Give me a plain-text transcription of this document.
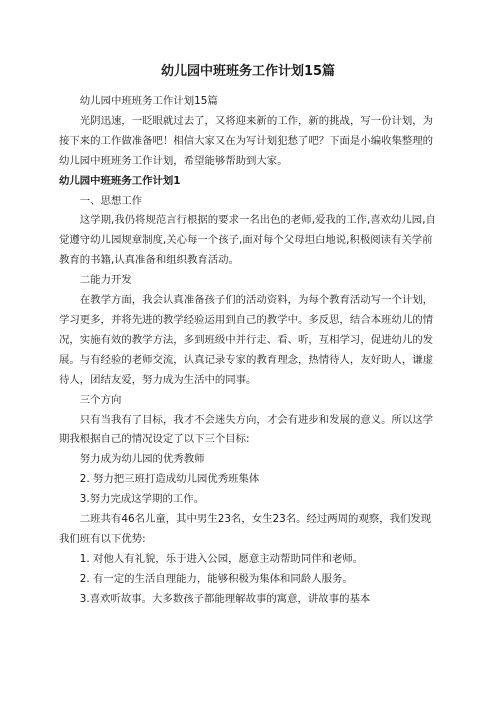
幼儿园中班班务工作计划15篇

幼儿园中班班务工作计划15篇

光阴迅速，一眨眼就过去了，又将迎来新的工作，新的挑战，写一份计划，为接下来的工作做准备吧！相信大家又在为写计划犯愁了吧？下面是小编收集整理的幼儿园中班班务工作计划，希望能够帮助到大家。

幼儿园中班班务工作计划1

一、思想工作

这学期,我仍将规范言行根据的要求一名出色的老师,爱我的工作,喜欢幼儿园,自觉遵守幼儿园规章制度,关心每一个孩子,面对每个父母坦白地说,积极阅读有关学前教育的书籍,认真准备和组织教育活动。

二能力开发

在教学方面，我会认真准备孩子们的活动资料，为每个教育活动写一个计划，学习更多，并将先进的教学经验运用到自己的教学中。多反思，结合本班幼儿的情况，实施有效的教学方法，多到班级中并行走、看、听，互相学习，促进幼儿的发展。与有经验的老师交流，认真记录专家的教育理念，热情待人，友好助人，谦虚待人，团结友爱，努力成为生活中的同事。

三个方向

只有当我有了目标，我才不会迷失方向，才会有进步和发展的意义。所以这学期我根据自己的情况设定了以下三个目标:

努力成为幼儿园的优秀教师

2. 努力把三班打造成幼儿园优秀班集体

3.努力完成这学期的工作。

二班共有46名儿童，其中男生23名，女生23名。经过两周的观察，我们发现我们班有以下优势:

1. 对他人有礼貌，乐于进入公园，愿意主动帮助同伴和老师。

2. 有一定的生活自理能力，能够积极为集体和同龄人服务。

3.喜欢听故事。大多数孩子都能理解故事的寓意，讲故事的基本
